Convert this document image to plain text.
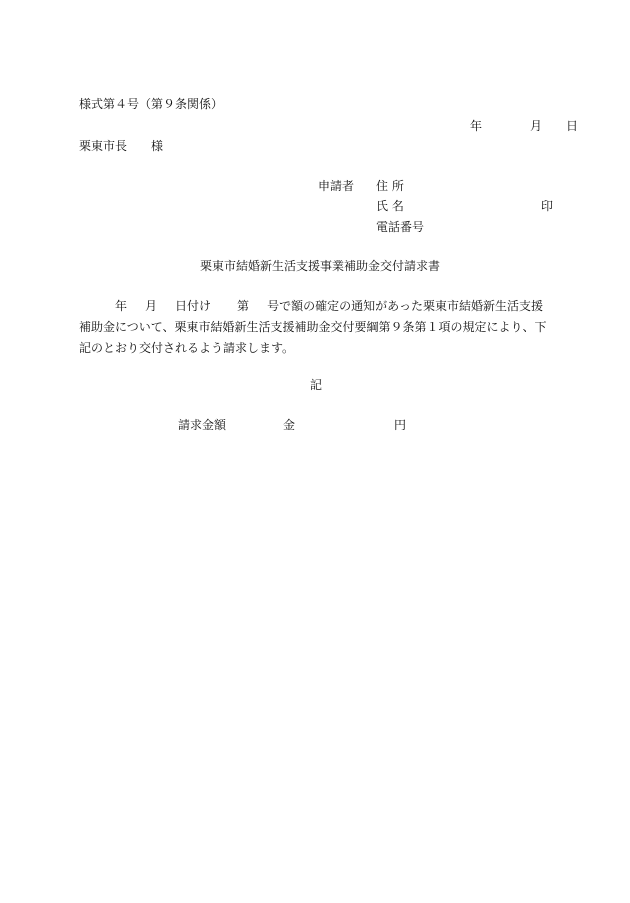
様式第４号（第９条関係）
年	月 日
栗東市長　　様
申請者 住 所
氏 名	印
電話番号
栗東市結婚新生活支援事業補助金交付請求書
年 月 日付け 第 号で額の確定の通知があった栗東市結婚新生活支援補助金について、栗東市結婚新生活支援補助金交付要綱第９条第１項の規定により、下記のとおり交付されるよう請求します。
記
請求金額	金	円
